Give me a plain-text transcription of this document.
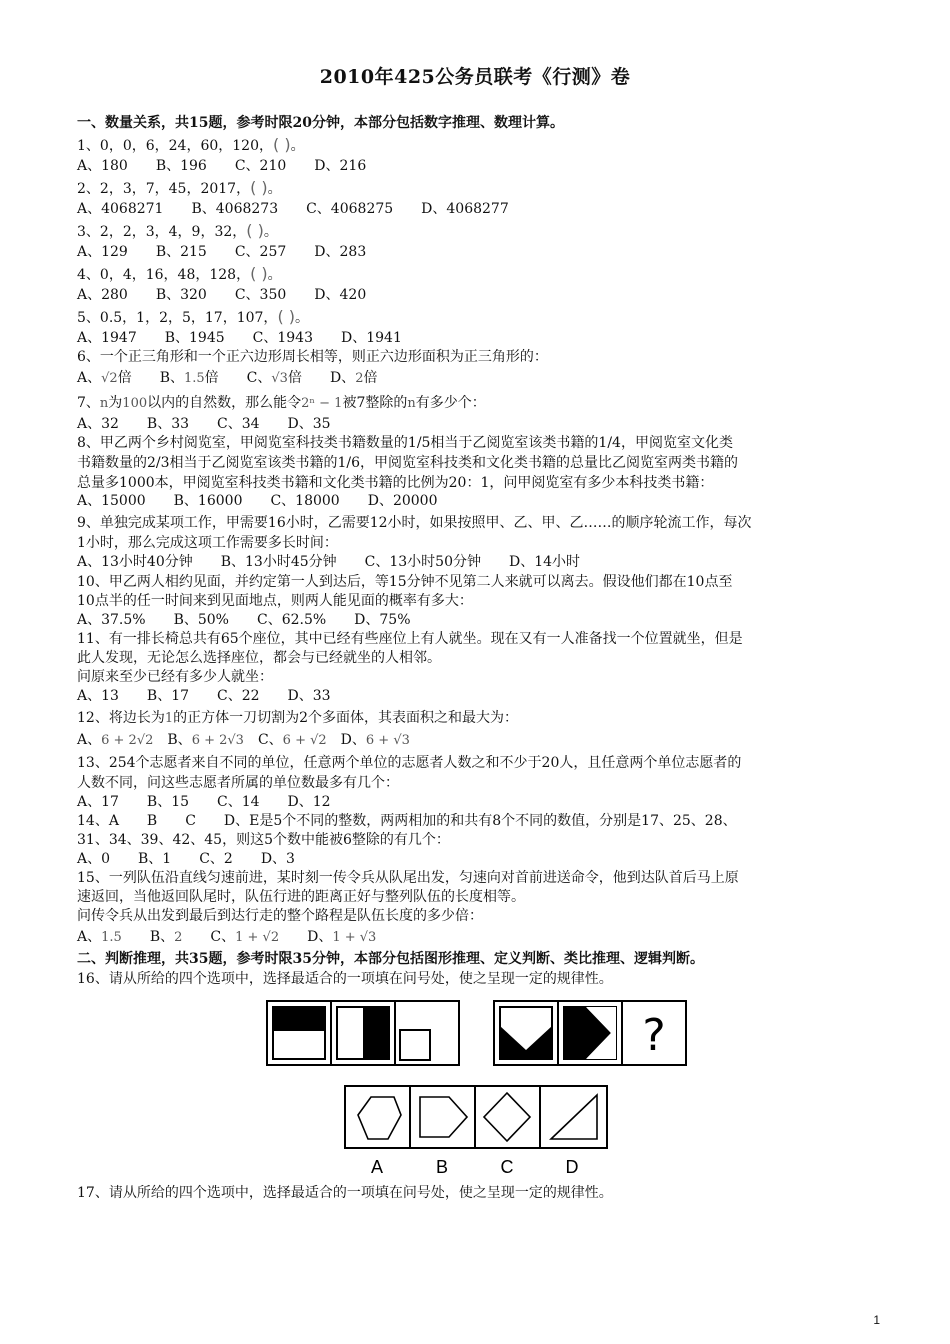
2010年425公务员联考《行测》卷
一、数量关系，共15题，参考时限20分钟，本部分包括数字推理、数理计算。
1、0，0，6，24，60，120，( )。
A、180　　B、196　　C、210　　D、216
2、2，3，7，45，2017，( )。
A、4068271　　B、4068273　　C、4068275　　D、4068277
3、2，2，3，4，9，32，( )。
A、129　　B、215　　C、257　　D、283
4、0，4，16，48，128，( )。
A、280　　B、320　　C、350　　D、420
5、0.5，1，2，5，17，107，( )。
A、1947　　B、1945　　C、1943　　D、1941
6、一个正三角形和一个正六边形周长相等，则正六边形面积为正三角形的：
A、√2倍　　 B、1.5倍　　 C、√3倍　　 D、2倍
7、n为100以内的自然数，那么能令2ⁿ − 1被7整除的n有多少个：
A、32　　B、33　　C、34　　D、35
8、甲乙两个乡村阅览室，甲阅览室科技类书籍数量的1/5相当于乙阅览室该类书籍的1/4，甲阅览室文化类
书籍数量的2/3相当于乙阅览室该类书籍的1/6，甲阅览室科技类和文化类书籍的总量比乙阅览室两类书籍的
总量多1000本，甲阅览室科技类书籍和文化类书籍的比例为20：1，问甲阅览室有多少本科技类书籍：
A、15000　　B、16000　　C、18000　　D、20000
9、单独完成某项工作，甲需要16小时，乙需要12小时，如果按照甲、乙、甲、乙……的顺序轮流工作，每次
1小时，那么完成这项工作需要多长时间：
A、13小时40分钟　　B、13小时45分钟　　C、13小时50分钟　　D、14小时
10、甲乙两人相约见面，并约定第一人到达后，等15分钟不见第二人来就可以离去。假设他们都在10点至
10点半的任一时间来到见面地点，则两人能见面的概率有多大：
A、37.5%　　B、50%　　C、62.5%　　D、75%
11、有一排长椅总共有65个座位，其中已经有些座位上有人就坐。现在又有一人准备找一个位置就坐，但是
此人发现，无论怎么选择座位，都会与已经就坐的人相邻。
问原来至少已经有多少人就坐：
A、13　　B、17　　C、22　　D、33
12、将边长为1的正方体一刀切割为2个多面体，其表面积之和最大为：
A、6 + 2√2　 B、6 + 2√3　 C、6 + √2　 D、6 + √3
13、254个志愿者来自不同的单位，任意两个单位的志愿者人数之和不少于20人，且任意两个单位志愿者的
人数不同，问这些志愿者所属的单位数最多有几个：
A、17　　B、15　　C、14　　D、12
14、A　　B　　C　　D、E是5个不同的整数，两两相加的和共有8个不同的数值，分别是17、25、28、
31、34、39、42、45，则这5个数中能被6整除的有几个：
A、0　　B、1　　C、2　　D、3
15、一列队伍沿直线匀速前进，某时刻一传令兵从队尾出发，匀速向对首前进送命令，他到达队首后马上原
速返回，当他返回队尾时，队伍行进的距离正好与整列队伍的长度相等。
问传令兵从出发到最后到达行走的整个路程是队伍长度的多少倍：
A、1.5　　 B、2　　 C、1 + √2　　 D、1 + √3
二、判断推理，共35题，参考时限35分钟，本部分包括图形推理、定义判断、类比推理、逻辑判断。
16、请从所给的四个选项中，选择最适合的一项填在问号处，使之呈现一定的规律性。
?
A	B	C	D
17、请从所给的四个选项中，选择最适合的一项填在问号处，使之呈现一定的规律性。
1
